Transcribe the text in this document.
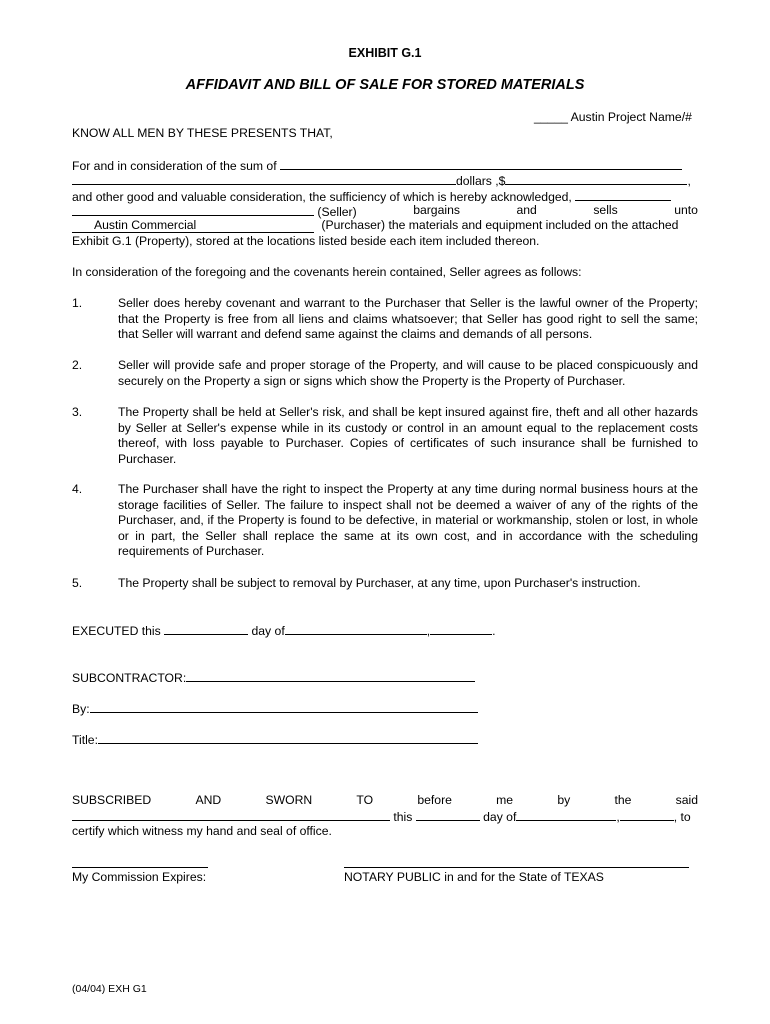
EXHIBIT G.1
AFFIDAVIT AND BILL OF SALE FOR STORED MATERIALS
_____ Austin Project Name/#
KNOW ALL MEN BY THESE PRESENTS THAT,
For and in consideration of the sum of
dollars ,$	,
and other good and valuable consideration, the sufficiency of which is hereby acknowledged,
(Seller)	bargains	and	sells	unto
Austin Commercial	(Purchaser) the materials and equipment included on the attached
Exhibit G.1 (Property), stored at the locations listed beside each item included thereon.
In consideration of the foregoing and the covenants herein contained, Seller agrees as follows:
1.	Seller does hereby covenant and warrant to the Purchaser that Seller is the lawful owner of the Property; that the Property is free from all liens and claims whatsoever; that Seller has good right to sell the same; that Seller will warrant and defend same against the claims and demands of all persons.
2.	Seller will provide safe and proper storage of the Property, and will cause to be placed conspicuously and securely on the Property a sign or signs which show the Property is the Property of Purchaser.
3.	The Property shall be held at Seller's risk, and shall be kept insured against fire, theft and all other hazards by Seller at Seller's expense while in its custody or control in an amount equal to the replacement costs thereof, with loss payable to Purchaser. Copies of certificates of such insurance shall be furnished to Purchaser.
4.	The Purchaser shall have the right to inspect the Property at any time during normal business hours at the storage facilities of Seller. The failure to inspect shall not be deemed a waiver of any of the rights of the Purchaser, and, if the Property is found to be defective, in material or workmanship, stolen or lost, in whole or in part, the Seller shall replace the same at its own cost, and in accordance with the scheduling requirements of Purchaser.
5.	The Property shall be subject to removal by Purchaser, at any time, upon Purchaser's instruction.
EXECUTED this	day of	,	.
SUBCONTRACTOR:
By:
Title:
SUBSCRIBED	AND	SWORN	TO	before	me	by	the	said
this	day of	,	, to
certify which witness my hand and seal of office.
My Commission Expires:	NOTARY PUBLIC in and for the State of TEXAS
(04/04) EXH G1
